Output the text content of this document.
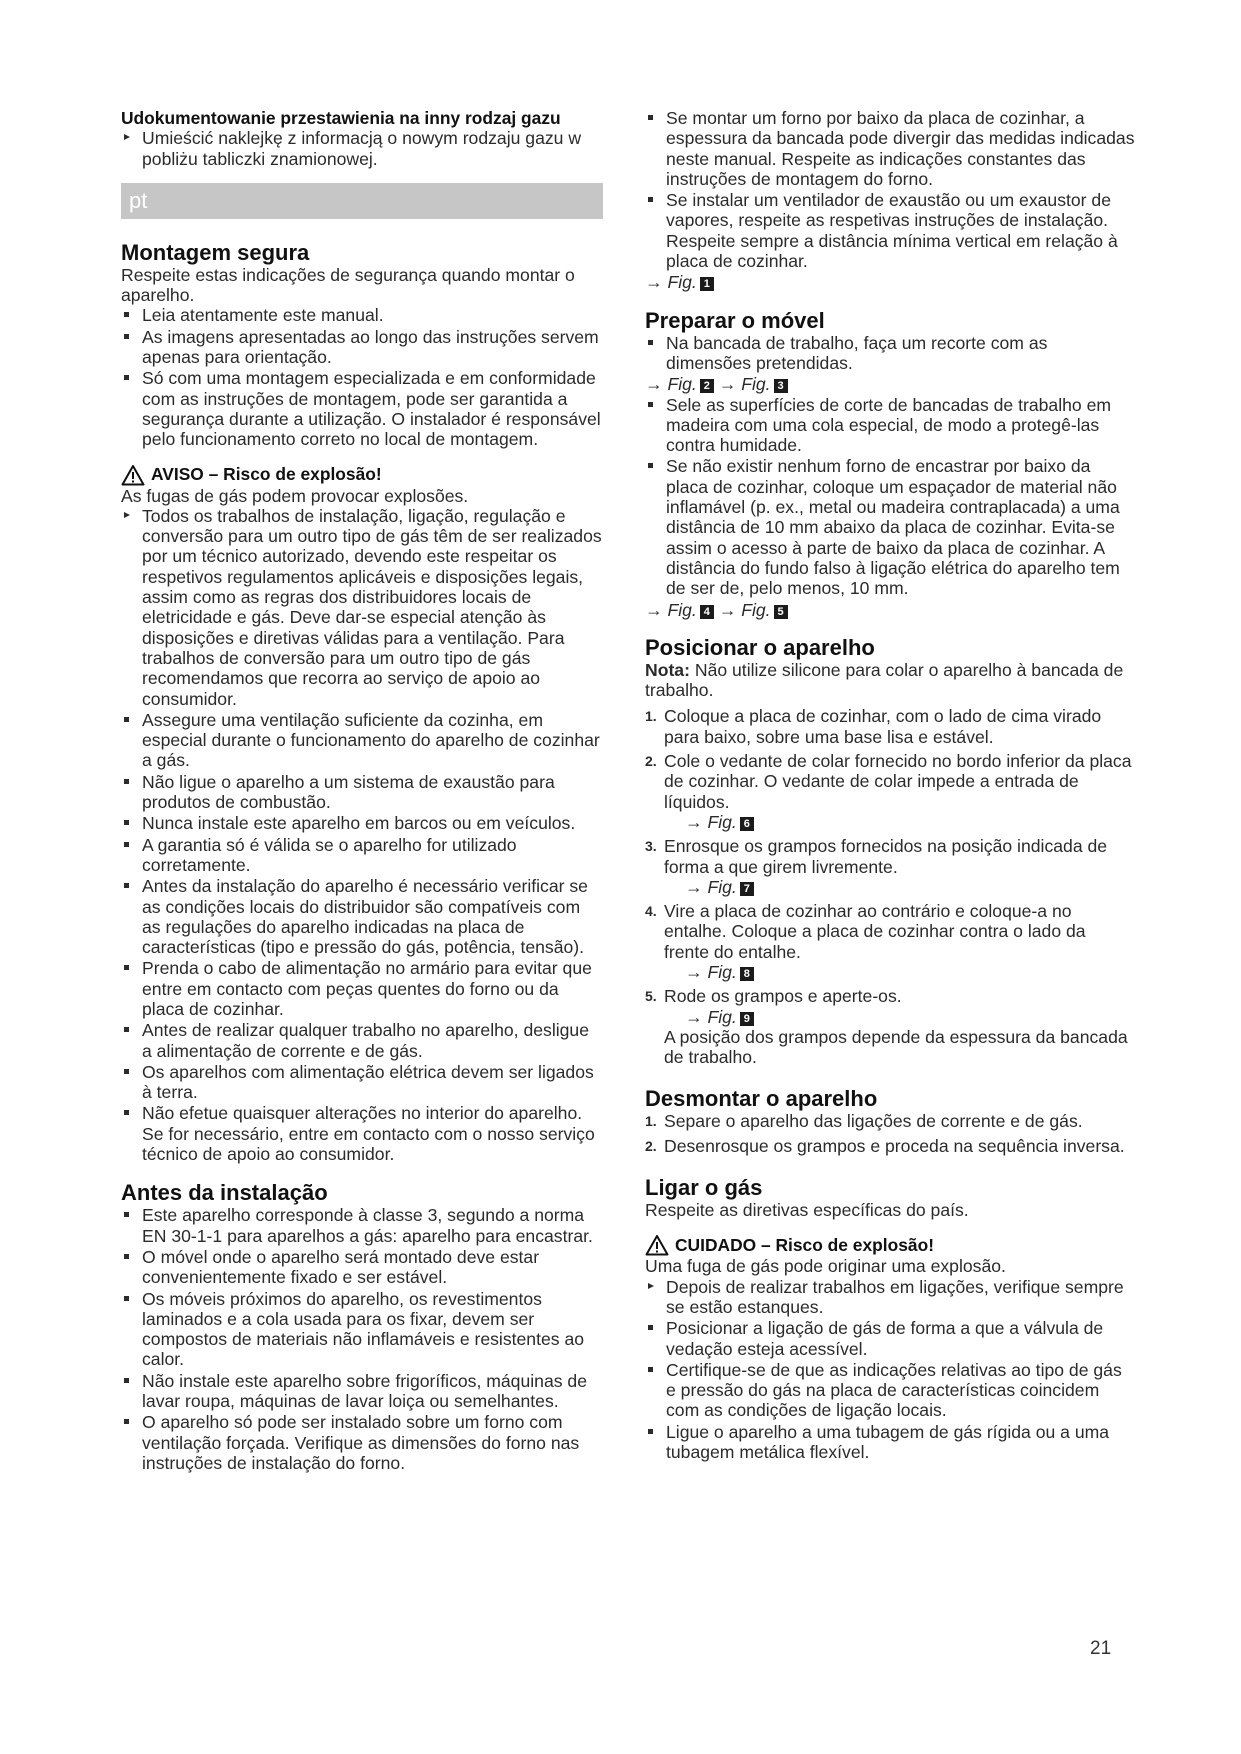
Udokumentowanie przestawienia na inny rodzaj gazu
Umieścić naklejkę z informacją o nowym rodzaju gazu w pobliżu tabliczki znamionowej.
pt
Montagem segura
Respeite estas indicações de segurança quando montar o aparelho.
Leia atentamente este manual.
As imagens apresentadas ao longo das instruções servem apenas para orientação.
Só com uma montagem especializada e em conformidade com as instruções de montagem, pode ser garantida a segurança durante a utilização. O instalador é responsável pelo funcionamento correto no local de montagem.
AVISO – Risco de explosão!
As fugas de gás podem provocar explosões.
Todos os trabalhos de instalação, ligação, regulação e conversão para um outro tipo de gás têm de ser realizados por um técnico autorizado, devendo este respeitar os respetivos regulamentos aplicáveis e disposições legais, assim como as regras dos distribuidores locais de eletricidade e gás. Deve dar-se especial atenção às disposições e diretivas válidas para a ventilação. Para trabalhos de conversão para um outro tipo de gás recomendamos que recorra ao serviço de apoio ao consumidor.
Assegure uma ventilação suficiente da cozinha, em especial durante o funcionamento do aparelho de cozinhar a gás.
Não ligue o aparelho a um sistema de exaustão para produtos de combustão.
Nunca instale este aparelho em barcos ou em veículos.
A garantia só é válida se o aparelho for utilizado corretamente.
Antes da instalação do aparelho é necessário verificar se as condições locais do distribuidor são compatíveis com as regulações do aparelho indicadas na placa de características (tipo e pressão do gás, potência, tensão).
Prenda o cabo de alimentação no armário para evitar que entre em contacto com peças quentes do forno ou da placa de cozinhar.
Antes de realizar qualquer trabalho no aparelho, desligue a alimentação de corrente e de gás.
Os aparelhos com alimentação elétrica devem ser ligados à terra.
Não efetue quaisquer alterações no interior do aparelho. Se for necessário, entre em contacto com o nosso serviço técnico de apoio ao consumidor.
Antes da instalação
Este aparelho corresponde à classe 3, segundo a norma EN 30-1-1 para aparelhos a gás: aparelho para encastrar.
O móvel onde o aparelho será montado deve estar convenientemente fixado e ser estável.
Os móveis próximos do aparelho, os revestimentos laminados e a cola usada para os fixar, devem ser compostos de materiais não inflamáveis e resistentes ao calor.
Não instale este aparelho sobre frigoríficos, máquinas de lavar roupa, máquinas de lavar loiça ou semelhantes.
O aparelho só pode ser instalado sobre um forno com ventilação forçada. Verifique as dimensões do forno nas instruções de instalação do forno.
Se montar um forno por baixo da placa de cozinhar, a espessura da bancada pode divergir das medidas indicadas neste manual. Respeite as indicações constantes das instruções de montagem do forno.
Se instalar um ventilador de exaustão ou um exaustor de vapores, respeite as respetivas instruções de instalação. Respeite sempre a distância mínima vertical em relação à placa de cozinhar.
→ Fig. 1
Preparar o móvel
Na bancada de trabalho, faça um recorte com as dimensões pretendidas.
→ Fig. 2 → Fig. 3
Sele as superfícies de corte de bancadas de trabalho em madeira com uma cola especial, de modo a protegê-las contra humidade.
Se não existir nenhum forno de encastrar por baixo da placa de cozinhar, coloque um espaçador de material não inflamável (p. ex., metal ou madeira contraplacada) a uma distância de 10 mm abaixo da placa de cozinhar. Evita-se assim o acesso à parte de baixo da placa de cozinhar. A distância do fundo falso à ligação elétrica do aparelho tem de ser de, pelo menos, 10 mm.
→ Fig. 4 → Fig. 5
Posicionar o aparelho
Nota: Não utilize silicone para colar o aparelho à bancada de trabalho.
1. Coloque a placa de cozinhar, com o lado de cima virado para baixo, sobre uma base lisa e estável.
2. Cole o vedante de colar fornecido no bordo inferior da placa de cozinhar. O vedante de colar impede a entrada de líquidos.
→ Fig. 6
3. Enrosque os grampos fornecidos na posição indicada de forma a que girem livremente.
→ Fig. 7
4. Vire a placa de cozinhar ao contrário e coloque-a no entalhe. Coloque a placa de cozinhar contra o lado da frente do entalhe.
→ Fig. 8
5. Rode os grampos e aperte-os.
→ Fig. 9
A posição dos grampos depende da espessura da bancada de trabalho.
Desmontar o aparelho
1. Separe o aparelho das ligações de corrente e de gás.
2. Desenrosque os grampos e proceda na sequência inversa.
Ligar o gás
Respeite as diretivas específicas do país.
CUIDADO – Risco de explosão!
Uma fuga de gás pode originar uma explosão.
Depois de realizar trabalhos em ligações, verifique sempre se estão estanques.
Posicionar a ligação de gás de forma a que a válvula de vedação esteja acessível.
Certifique-se de que as indicações relativas ao tipo de gás e pressão do gás na placa de características coincidem com as condições de ligação locais.
Ligue o aparelho a uma tubagem de gás rígida ou a uma tubagem metálica flexível.
21
